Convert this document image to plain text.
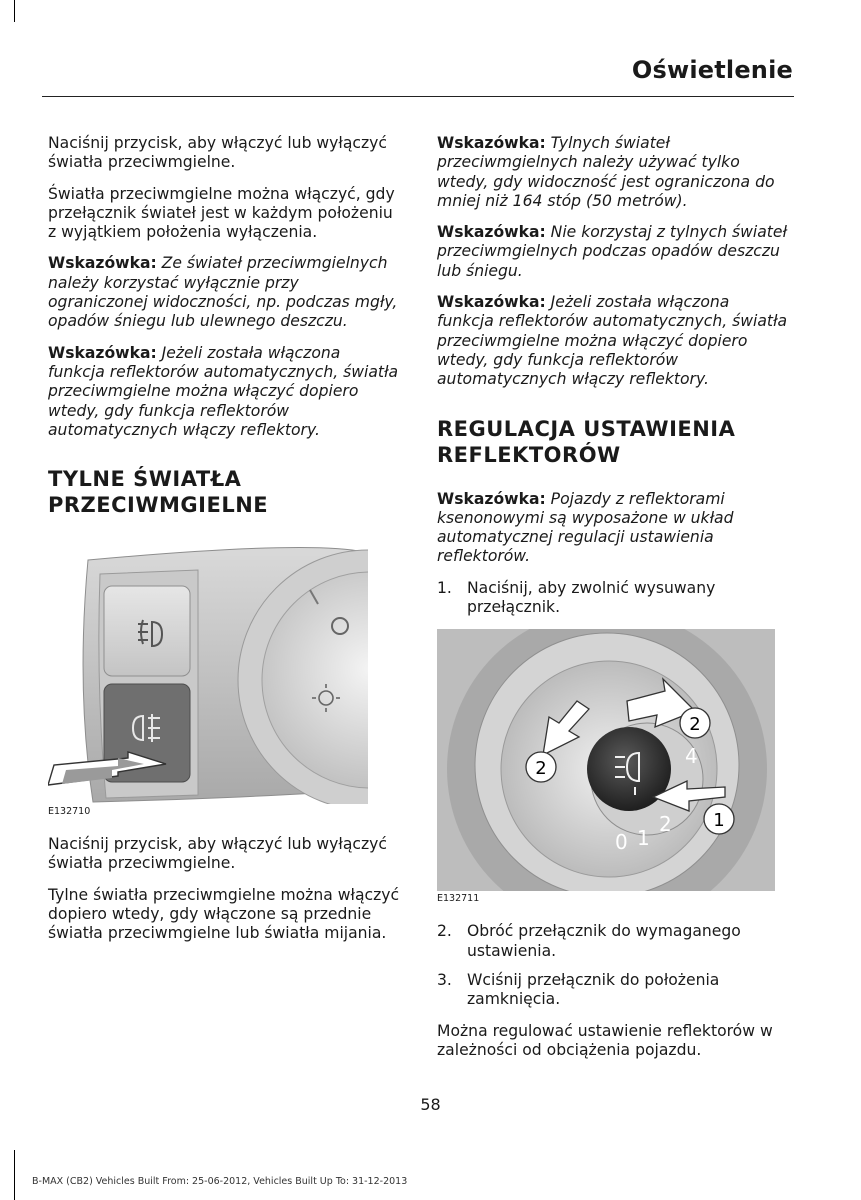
Oświetlenie

Naciśnij przycisk, aby włączyć lub wyłączyć światła przeciwmgielne.

Światła przeciwmgielne można włączyć, gdy przełącznik świateł jest w każdym położeniu z wyjątkiem położenia wyłączenia.

Wskazówka: Ze świateł przeciwmgielnych należy korzystać wyłącznie przy ograniczonej widoczności, np. podczas mgły, opadów śniegu lub ulewnego deszczu.

Wskazówka: Jeżeli została włączona funkcja reflektorów automatycznych, światła przeciwmgielne można włączyć dopiero wtedy, gdy funkcja reflektorów automatycznych włączy reflektory.

TYLNE ŚWIATŁA PRZECIWMGIELNE
E132710

Naciśnij przycisk, aby włączyć lub wyłączyć światła przeciwmgielne.

Tylne światła przeciwmgielne można włączyć dopiero wtedy, gdy włączone są przednie światła przeciwmgielne lub światła mijania.

Wskazówka: Tylnych świateł przeciwmgielnych należy używać tylko wtedy, gdy widoczność jest ograniczona do mniej niż 164 stóp (50 metrów).

Wskazówka: Nie korzystaj z tylnych świateł przeciwmgielnych podczas opadów deszczu lub śniegu.

Wskazówka: Jeżeli została włączona funkcja reflektorów automatycznych, światła przeciwmgielne można włączyć dopiero wtedy, gdy funkcja reflektorów automatycznych włączy reflektory.

REGULACJA USTAWIENIA REFLEKTORÓW

Wskazówka: Pojazdy z reflektorami ksenonowymi są wyposażone w układ automatycznej regulacji ustawienia reflektorów.

1. Naciśnij, aby zwolnić wysuwany przełącznik.
4
2
1
0
2
2
1
E132711
2. Obróć przełącznik do wymaganego ustawienia.
3. Wciśnij przełącznik do położenia zamknięcia.

Można regulować ustawienie reflektorów w zależności od obciążenia pojazdu.

58
B-MAX (CB2) Vehicles Built From: 25-06-2012, Vehicles Built Up To: 31-12-2013
